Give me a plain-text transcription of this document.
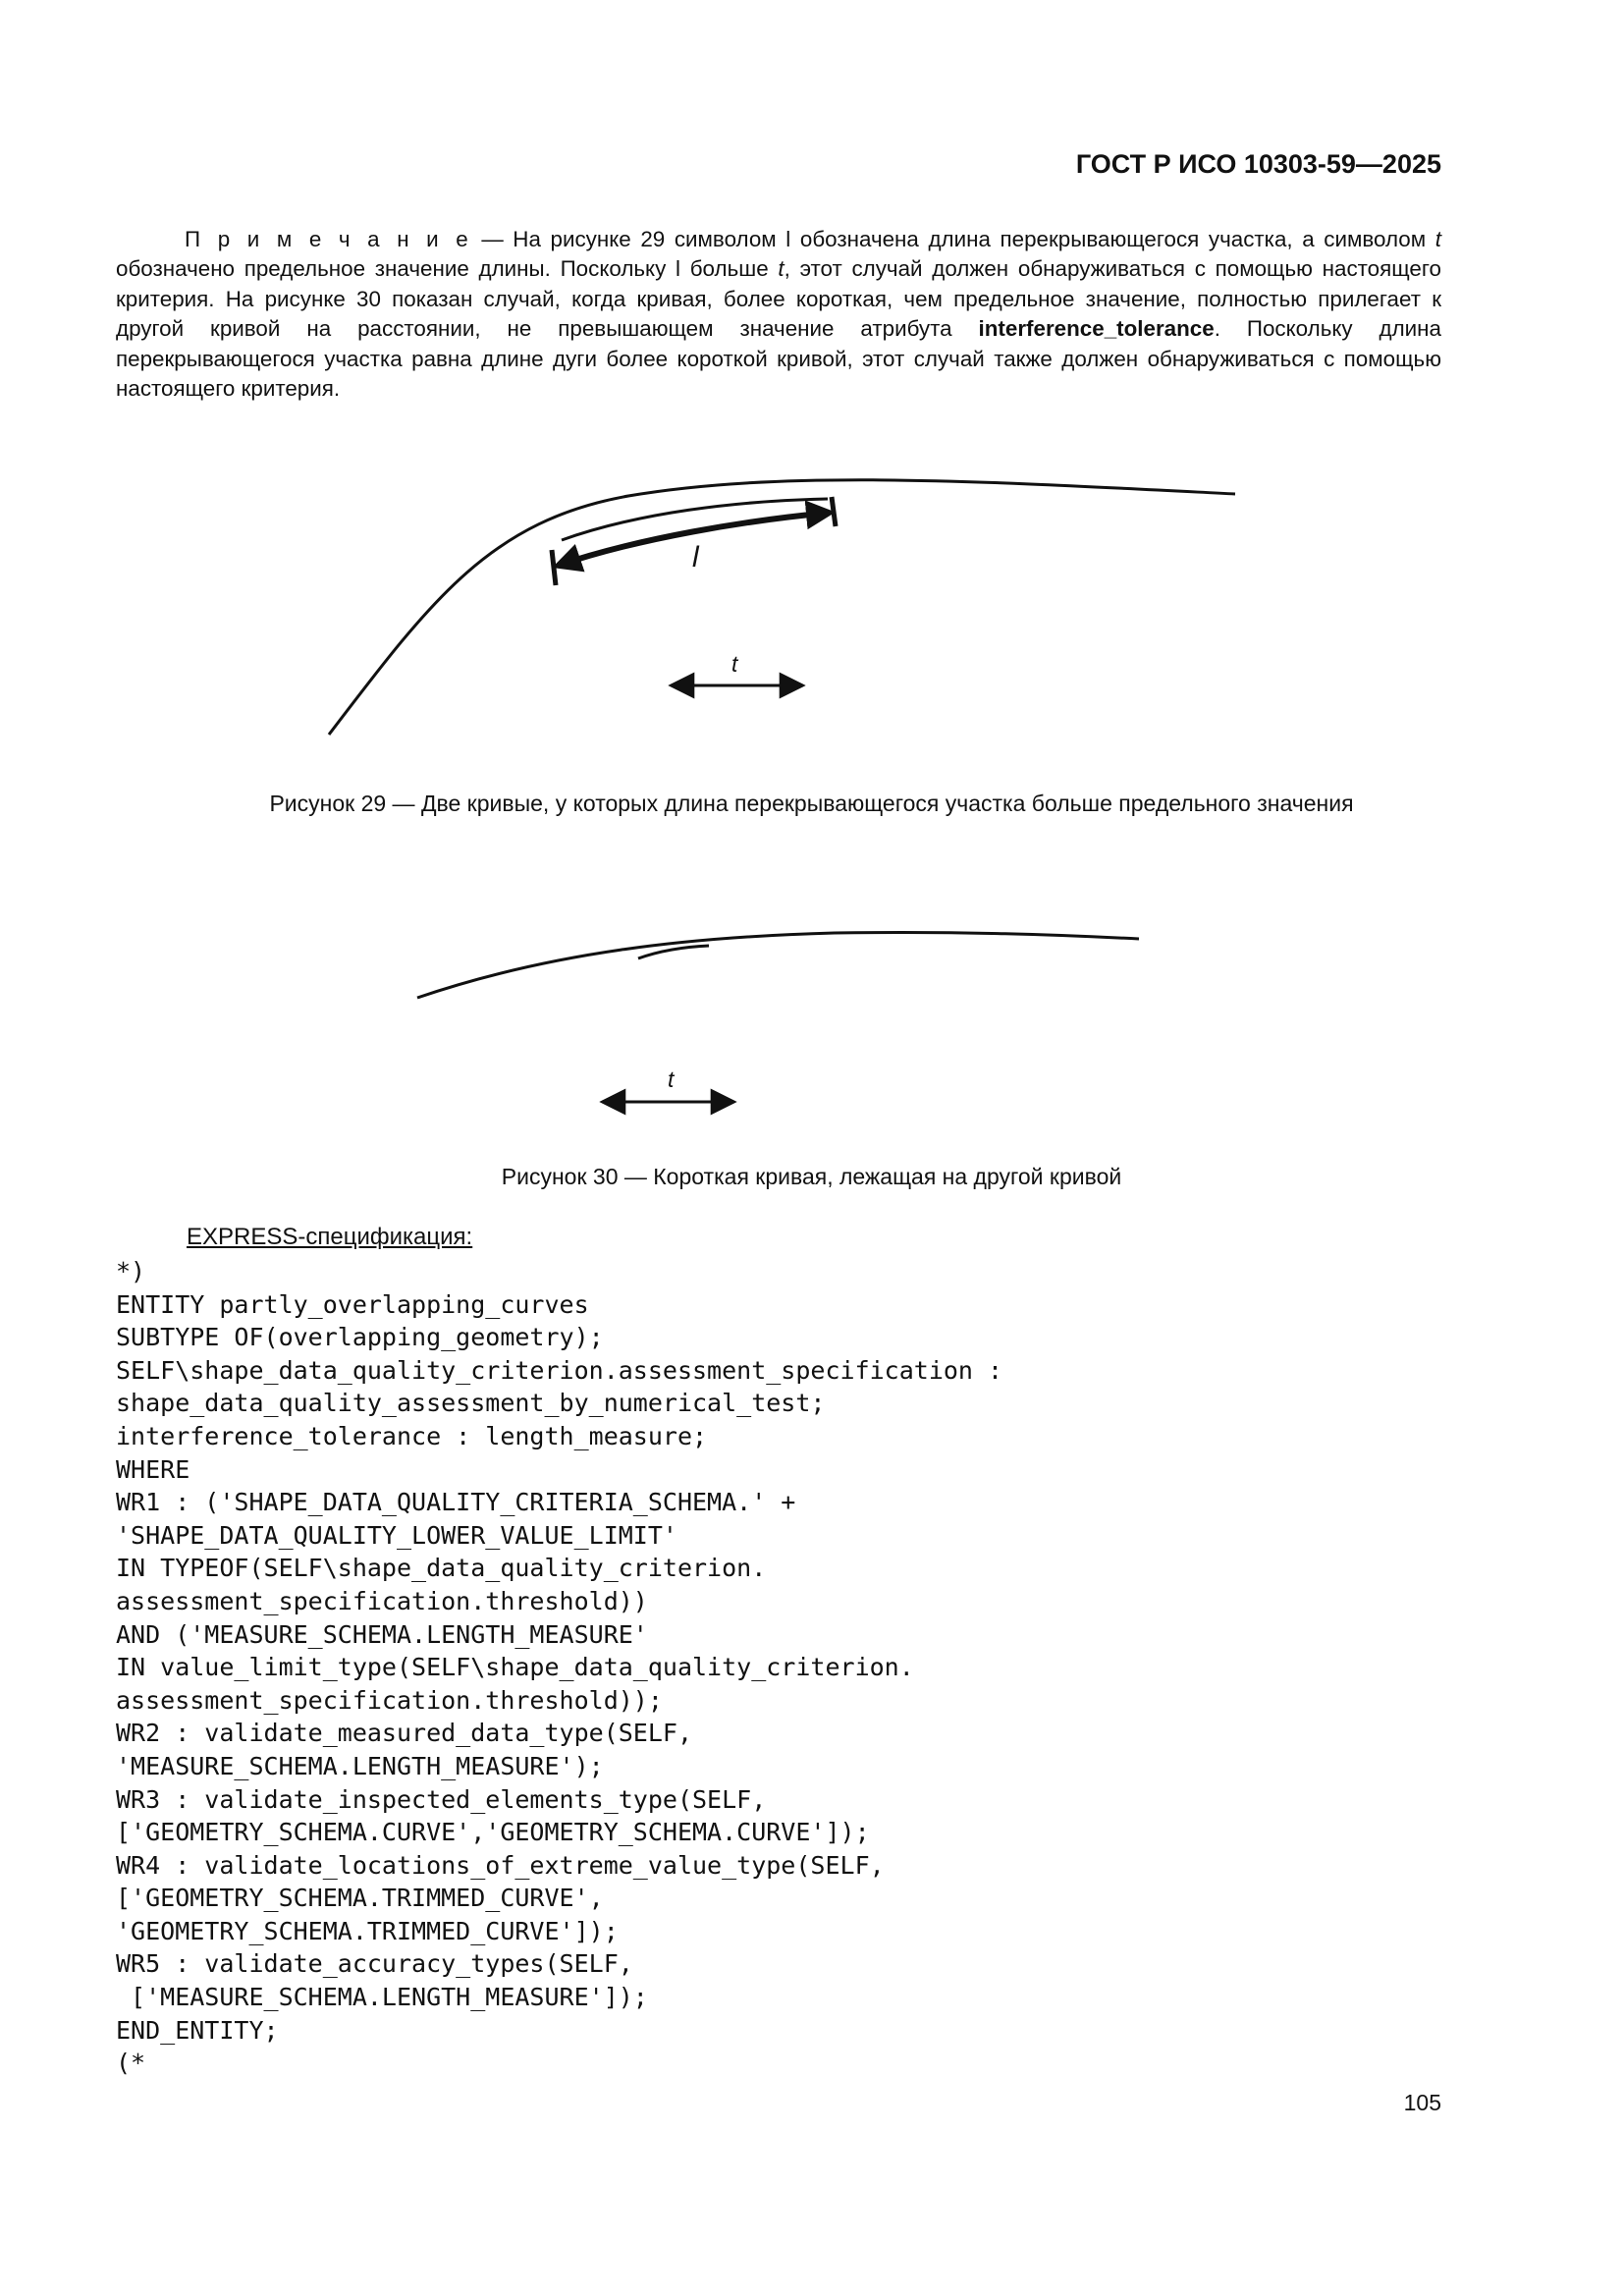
ГОСТ Р ИСО 10303-59—2025
П р и м е ч а н и е — На рисунке 29 символом l обозначена длина перекрывающегося участка, а символом t обозначено предельное значение длины. Поскольку l больше t, этот случай должен обнаруживаться с помощью настоящего критерия. На рисунке 30 показан случай, когда кривая, более короткая, чем предельное значение, полностью прилегает к другой кривой на расстоянии, не превышающем значение атрибута interference_tolerance. Поскольку длина перекрывающегося участка равна длине дуги более короткой кривой, этот случай также должен обнаруживаться с помощью настоящего критерия.
l
t
Рисунок 29 — Две кривые, у которых длина перекрывающегося участка больше предельного значения
t
Рисунок 30 — Короткая кривая, лежащая на другой кривой
EXPRESS-спецификация:
*)
ENTITY partly_overlapping_curves
SUBTYPE OF(overlapping_geometry);
SELF\shape_data_quality_criterion.assessment_specification :
shape_data_quality_assessment_by_numerical_test;
interference_tolerance : length_measure;
WHERE
WR1 : ('SHAPE_DATA_QUALITY_CRITERIA_SCHEMA.' +
'SHAPE_DATA_QUALITY_LOWER_VALUE_LIMIT'
IN TYPEOF(SELF\shape_data_quality_criterion.
assessment_specification.threshold))
AND ('MEASURE_SCHEMA.LENGTH_MEASURE'
IN value_limit_type(SELF\shape_data_quality_criterion.
assessment_specification.threshold));
WR2 : validate_measured_data_type(SELF,
'MEASURE_SCHEMA.LENGTH_MEASURE');
WR3 : validate_inspected_elements_type(SELF,
['GEOMETRY_SCHEMA.CURVE','GEOMETRY_SCHEMA.CURVE']);
WR4 : validate_locations_of_extreme_value_type(SELF,
['GEOMETRY_SCHEMA.TRIMMED_CURVE',
'GEOMETRY_SCHEMA.TRIMMED_CURVE']);
WR5 : validate_accuracy_types(SELF,
['MEASURE_SCHEMA.LENGTH_MEASURE']);
END_ENTITY;
(*
105
